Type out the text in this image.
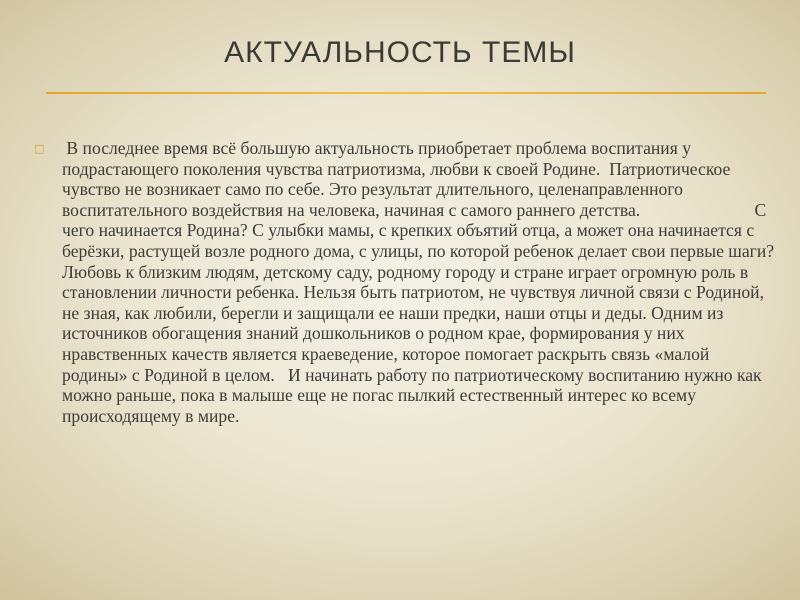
АКТУАЛЬНОСТЬ ТЕМЫ
□ В последнее время всё большую актуальность приобретает проблема воспитания у подрастающего поколения чувства патриотизма, любви к своей Родине.  Патриотическое чувство не возникает само по себе. Это результат длительного, целенаправленного воспитательного воздействия на человека, начиная с самого раннего детства.                          С чего начинается Родина? С улыбки мамы, с крепких объятий отца, а может она начинается с берёзки, растущей возле родного дома, с улицы, по которой ребенок делает свои первые шаги? Любовь к близким людям, детскому саду, родному городу и стране играет огромную роль в становлении личности ребенка. Нельзя быть патриотом, не чувствуя личной связи с Родиной, не зная, как любили, берегли и защищали ее наши предки, наши отцы и деды. Одним из источников обогащения знаний дошкольников о родном крае, формирования у них нравственных качеств является краеведение, которое помогает раскрыть связь «малой родины» с Родиной в целом.   И начинать работу по патриотическому воспитанию нужно как можно раньше, пока в малыше еще не погас пылкий естественный интерес ко всему происходящему в мире.
